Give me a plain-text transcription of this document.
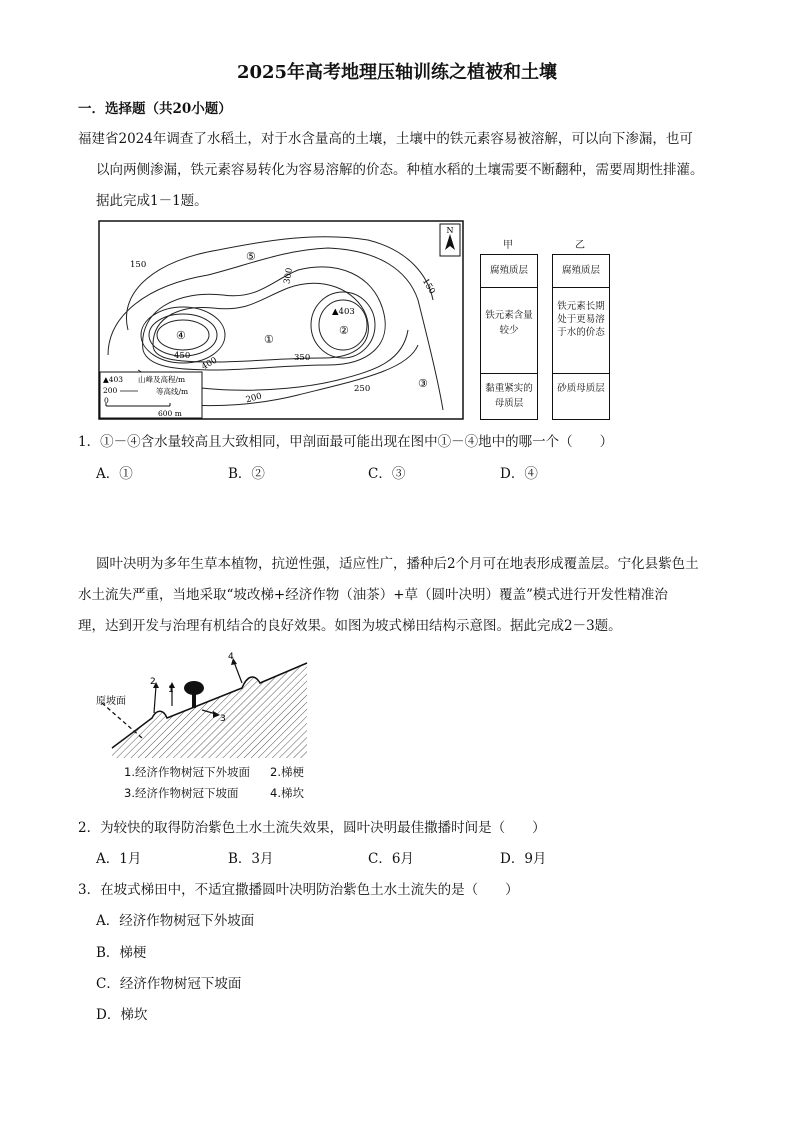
2025年高考地理压轴训练之植被和土壤
一．选择题（共20小题）
福建省2024年调查了水稻土，对于水含量高的土壤，土壤中的铁元素容易被溶解，可以向下渗漏，也可
以向两侧渗漏，铁元素容易转化为容易溶解的价态。种植水稻的土壤需要不断翻种，需要周期性排灌。
据此完成1－1题。
N
150
300
150
450 400	350
250
200
①
②
③
④
⑤
▲403
▲403 山峰及高程/m
200	等高线/m
0
600 m
甲	乙
腐殖质层
铁元素含量较少
黏重紧实的母质层
腐殖质层
铁元素长期处于更易溶于水的价态
砂质母质层
1．①－④含水量较高且大致相同，甲剖面最可能出现在图中①－④地中的哪一个（　　）
A．①	B．②	C．③	D．④
圆叶决明为多年生草本植物，抗逆性强，适应性广，播种后2个月可在地表形成覆盖层。宁化县紫色土
水土流失严重，当地采取“坡改梯+经济作物（油茶）+草（圆叶决明）覆盖”模式进行开发性精准治
理，达到开发与治理有机结合的良好效果。如图为坡式梯田结构示意图。据此完成2－3题。
原坡面
1
2
3
4
1.经济作物树冠下外坡面 2.梯梗
3.经济作物树冠下坡面	4.梯坎
2．为较快的取得防治紫色土水土流失效果，圆叶决明最佳撒播时间是（　　）
A．1月	B．3月	C．6月	D．9月
3．在坡式梯田中，不适宜撒播圆叶决明防治紫色土水土流失的是（　　）
A．经济作物树冠下外坡面
B．梯梗
C．经济作物树冠下坡面
D．梯坎
